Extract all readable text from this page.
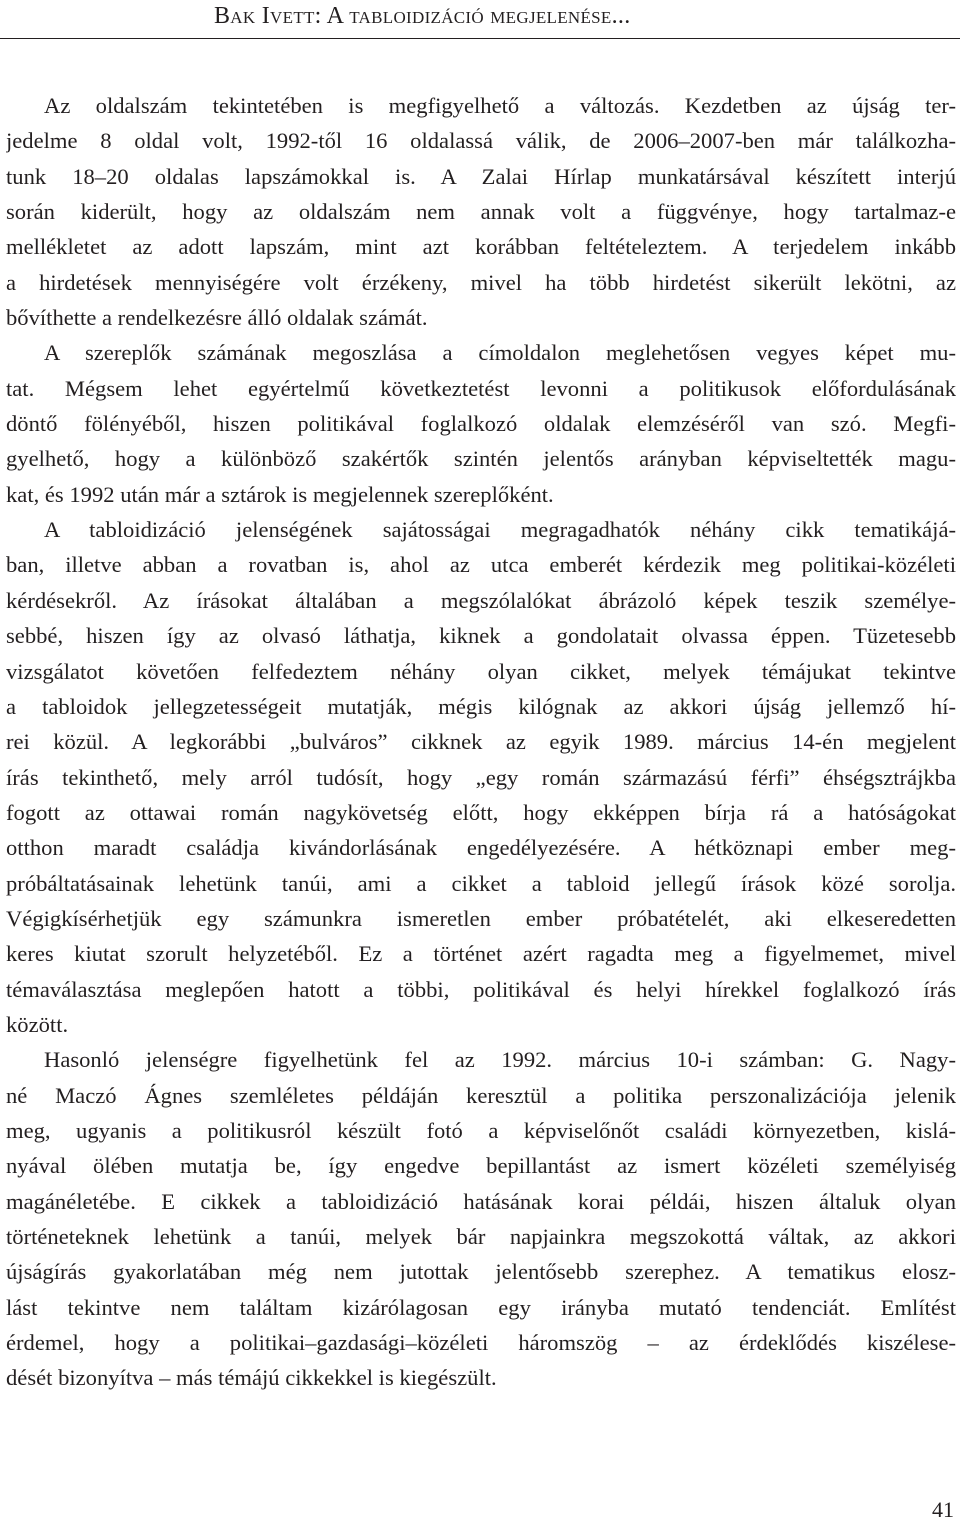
Bak Ivett: A tabloidizáció megjelenése...
Az oldalszám tekintetében is megfigyelhető a változás. Kezdetben az újság ter-
jedelme 8 oldal volt, 1992-től 16 oldalassá válik, de 2006–2007-ben már találkozha-
tunk 18–20 oldalas lapszámokkal is. A Zalai Hírlap munkatársával készített interjú
során kiderült, hogy az oldalszám nem annak volt a függvénye, hogy tartalmaz-e
mellékletet az adott lapszám, mint azt korábban feltételeztem. A terjedelem inkább
a hirdetések mennyiségére volt érzékeny, mivel ha több hirdetést sikerült lekötni, az
bővíthette a rendelkezésre álló oldalak számát.
A szereplők számának megoszlása a címoldalon meglehetősen vegyes képet mu-
tat. Mégsem lehet egyértelmű következtetést levonni a politikusok előfordulásának
döntő fölényéből, hiszen politikával foglalkozó oldalak elemzéséről van szó. Megfi-
gyelhető, hogy a különböző szakértők szintén jelentős arányban képviseltették magu-
kat, és 1992 után már a sztárok is megjelennek szereplőként.
A tabloidizáció jelenségének sajátosságai megragadhatók néhány cikk tematikájá-
ban, illetve abban a rovatban is, ahol az utca emberét kérdezik meg politikai-közéleti
kérdésekről. Az írásokat általában a megszólalókat ábrázoló képek teszik személye-
sebbé, hiszen így az olvasó láthatja, kiknek a gondolatait olvassa éppen. Tüzetesebb
vizsgálatot követően felfedeztem néhány olyan cikket, melyek témájukat tekintve
a tabloidok jellegzetességeit mutatják, mégis kilógnak az akkori újság jellemző hí-
rei közül. A legkorábbi „bulváros” cikknek az egyik 1989. március 14-én megjelent
írás tekinthető, mely arról tudósít, hogy „egy román származású férfi” éhségsztrájkba
fogott az ottawai román nagykövetség előtt, hogy ekképpen bírja rá a hatóságokat
otthon maradt családja kivándorlásának engedélyezésére. A hétköznapi ember meg-
próbáltatásainak lehetünk tanúi, ami a cikket a tabloid jellegű írások közé sorolja.
Végigkísérhetjük egy számunkra ismeretlen ember próbatételét, aki elkeseredetten
keres kiutat szorult helyzetéből. Ez a történet azért ragadta meg a figyelmemet, mivel
témaválasztása meglepően hatott a többi, politikával és helyi hírekkel foglalkozó írás
között.
Hasonló jelenségre figyelhetünk fel az 1992. március 10-i számban: G. Nagy-
né Maczó Ágnes szemléletes példáján keresztül a politika perszonalizációja jelenik
meg, ugyanis a politikusról készült fotó a képviselőnőt családi környezetben, kislá-
nyával ölében mutatja be, így engedve bepillantást az ismert közéleti személyiség
magánéletébe. E cikkek a tabloidizáció hatásának korai példái, hiszen általuk olyan
történeteknek lehetünk a tanúi, melyek bár napjainkra megszokottá váltak, az akkori
újságírás gyakorlatában még nem jutottak jelentősebb szerephez. A tematikus elosz-
lást tekintve nem találtam kizárólagosan egy irányba mutató tendenciát. Említést
érdemel, hogy a politikai–gazdasági–közéleti háromszög – az érdeklődés kiszélese-
dését bizonyítva – más témájú cikkekkel is kiegészült.
41
